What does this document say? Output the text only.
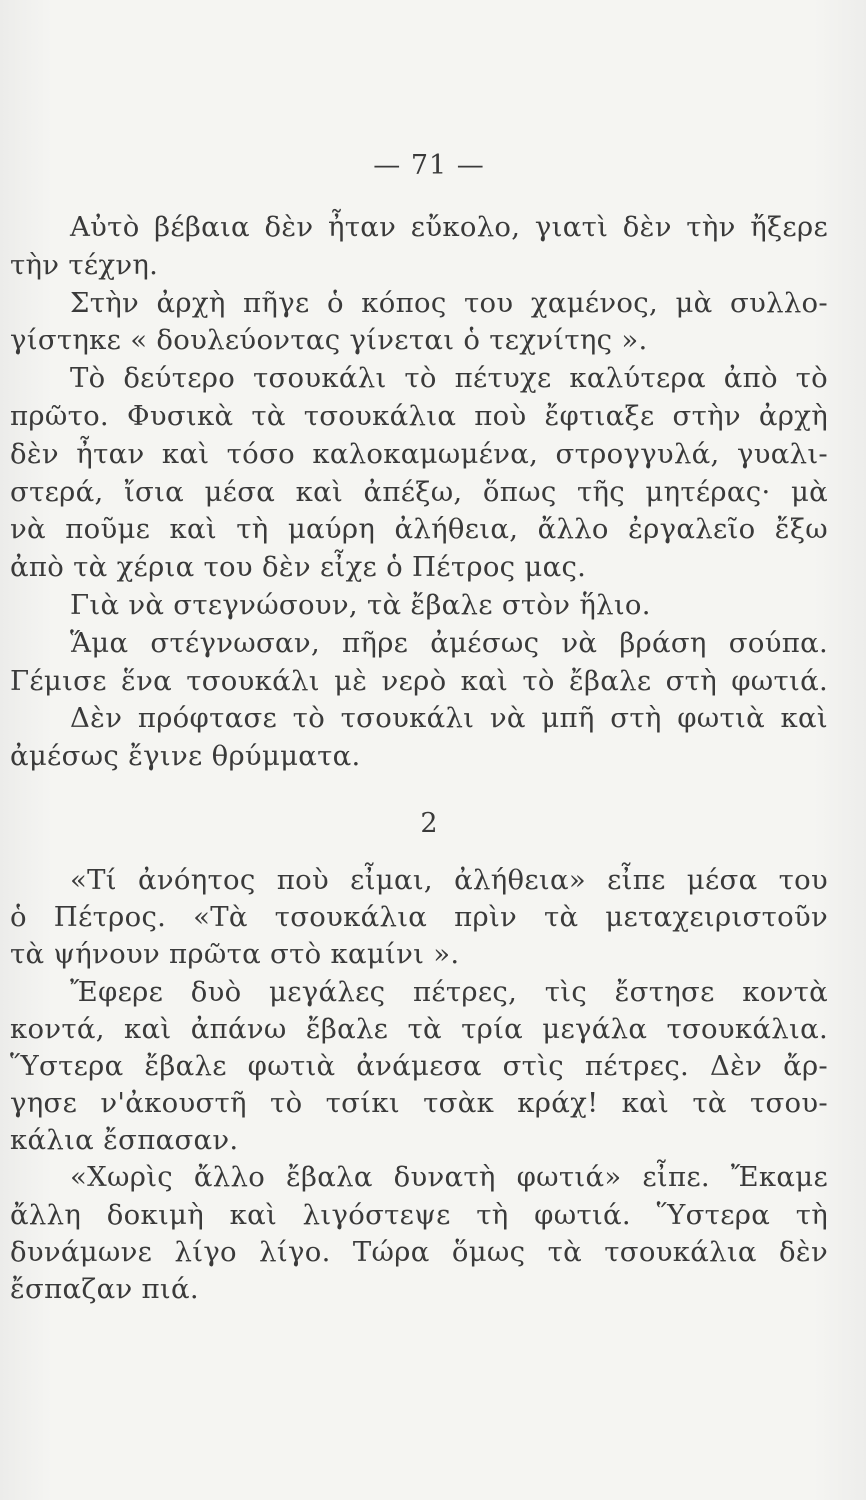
— 71 —
Αὐτὸ βέβαια δὲν ἦταν εὔκολο, γιατὶ δὲν τὴν ἤξερε
τὴν τέχνη.
Στὴν ἀρχὴ πῆγε ὁ κόπος του χαμένος, μὰ συλλο-
γίστηκε « δουλεύοντας γίνεται ὁ τεχνίτης ».
Τὸ δεύτερο τσουκάλι τὸ πέτυχε καλύτερα ἀπὸ τὸ
πρῶτο. Φυσικὰ τὰ τσουκάλια ποὺ ἔφτιαξε στὴν ἀρχὴ
δὲν ἦταν καὶ τόσο καλοκαμωμένα, στρογγυλά, γυαλι-
στερά, ἴσια μέσα καὶ ἀπέξω, ὅπως τῆς μητέρας· μὰ
νὰ ποῦμε καὶ τὴ μαύρη ἀλήθεια, ἄλλο ἐργαλεῖο ἔξω
ἀπὸ τὰ χέρια του δὲν εἶχε ὁ Πέτρος μας.
Γιὰ νὰ στεγνώσουν, τὰ ἔβαλε στὸν ἥλιο.
Ἅμα στέγνωσαν, πῆρε ἀμέσως νὰ βράση σούπα.
Γέμισε ἕνα τσουκάλι μὲ νερὸ καὶ τὸ ἔβαλε στὴ φωτιά.
Δὲν πρόφτασε τὸ τσουκάλι νὰ μπῆ στὴ φωτιὰ καὶ
ἀμέσως ἔγινε θρύμματα.
2
«Τί ἀνόητος ποὺ εἶμαι, ἀλήθεια» εἶπε μέσα του
ὁ Πέτρος. «Τὰ τσουκάλια πρὶν τὰ μεταχειριστοῦν
τὰ ψήνουν πρῶτα στὸ καμίνι ».
Ἔφερε δυὸ μεγάλες πέτρες, τὶς ἔστησε κοντὰ
κοντά, καὶ ἀπάνω ἔβαλε τὰ τρία μεγάλα τσουκάλια.
Ὕστερα ἔβαλε φωτιὰ ἀνάμεσα στὶς πέτρες. Δὲν ἄρ-
γησε ν'ἀκουστῆ τὸ τσίκι τσὰκ κράχ! καὶ τὰ τσου-
κάλια ἔσπασαν.
«Χωρὶς ἄλλο ἔβαλα δυνατὴ φωτιά» εἶπε. Ἔκαμε
ἄλλη δοκιμὴ καὶ λιγόστεψε τὴ φωτιά. Ὕστερα τὴ
δυνάμωνε λίγο λίγο. Τώρα ὅμως τὰ τσουκάλια δὲν
ἔσπαζαν πιά.
